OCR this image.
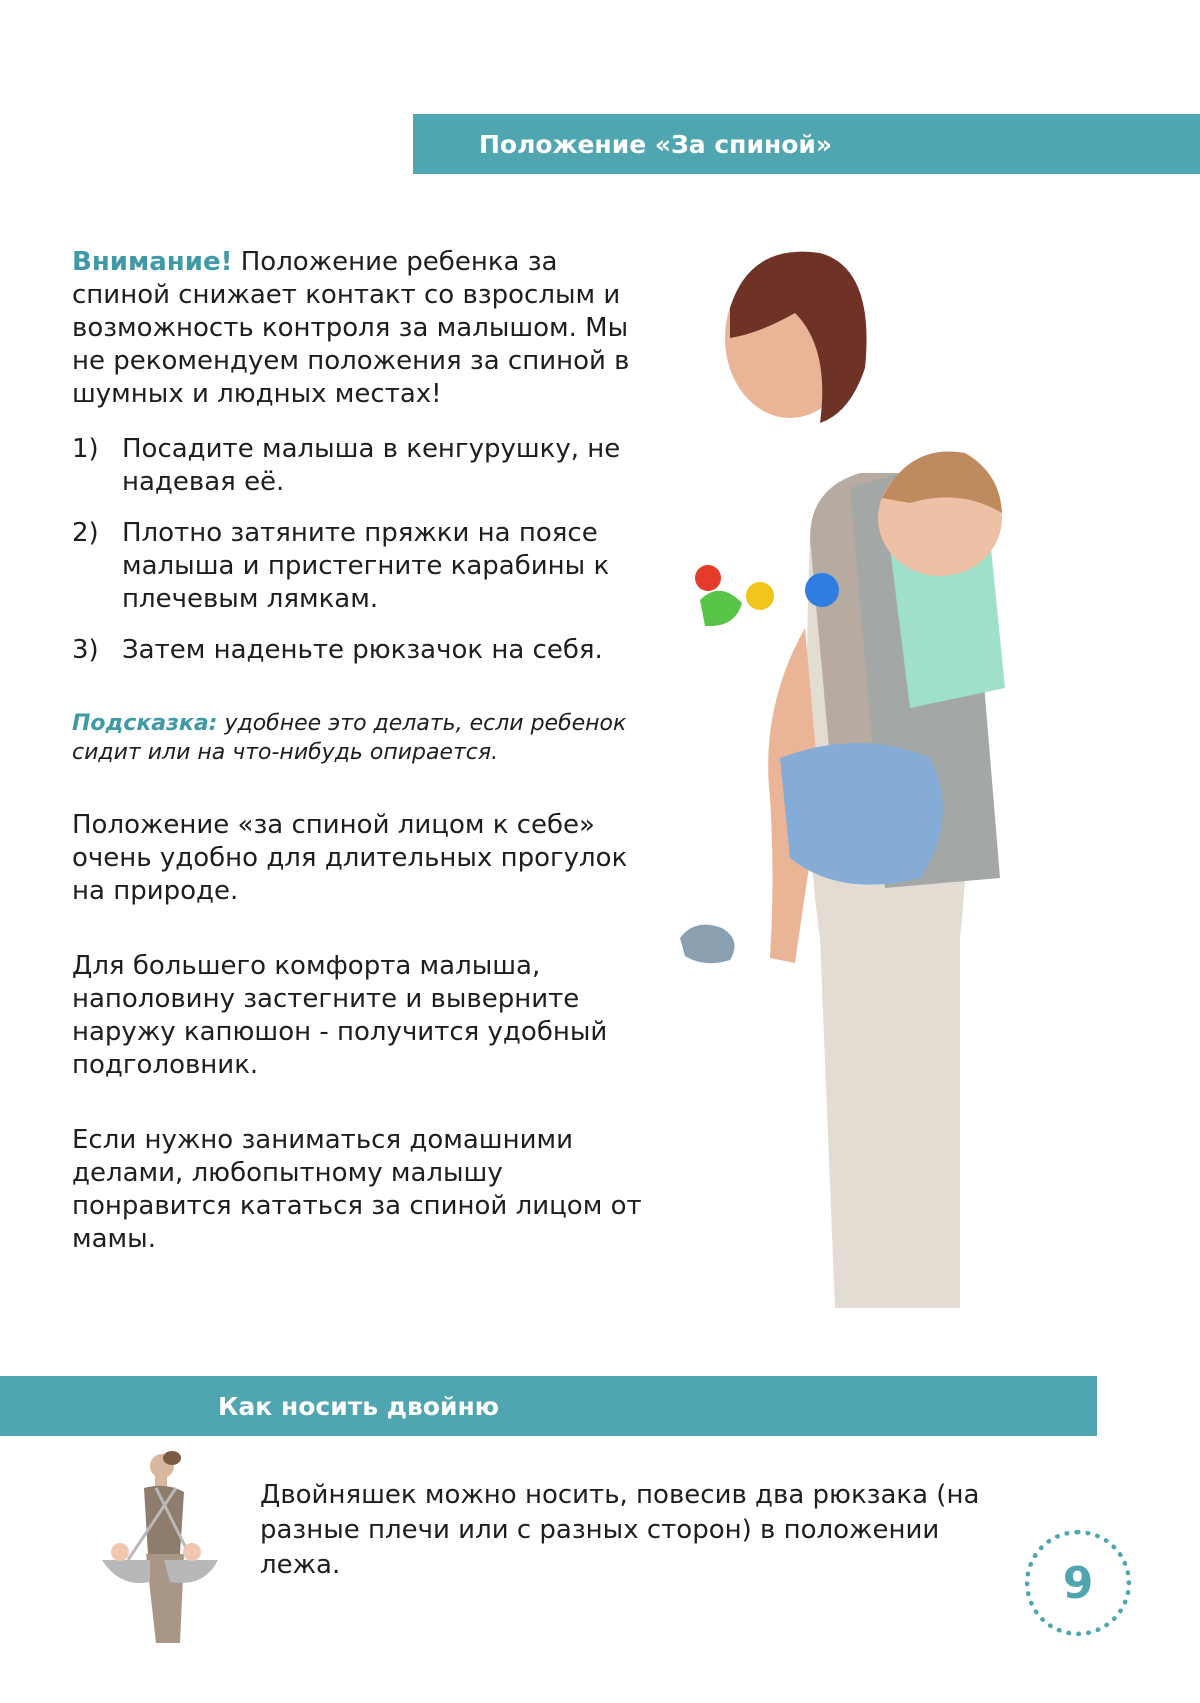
Положение «За спиной»

Внимание! Положение ребенка за спиной снижает контакт со взрослым и возможность контроля за малышом. Мы не рекомендуем положения за спиной в шумных и людных местах!

1) Посадите малыша в кенгурушку, не надевая её.
2) Плотно затяните пряжки на поясе малыша и пристегните карабины к плечевым лямкам.
3) Затем наденьте рюкзачок на себя.

Подсказка: удобнее это делать, если ребенок сидит или на что-нибудь опирается.

Положение «за спиной лицом к себе» очень удобно для длительных прогулок на природе.

Для большего комфорта малыша, наполовину застегните и выверните наружу капюшон - получится удобный подголовник.

Если нужно заниматься домашними делами, любопытному малышу понравится кататься за спиной лицом от мамы.

Как носить двойню
Двойняшек можно носить, повесив два рюкзака (на разные плечи или с разных сторон) в положении лежа.	9
